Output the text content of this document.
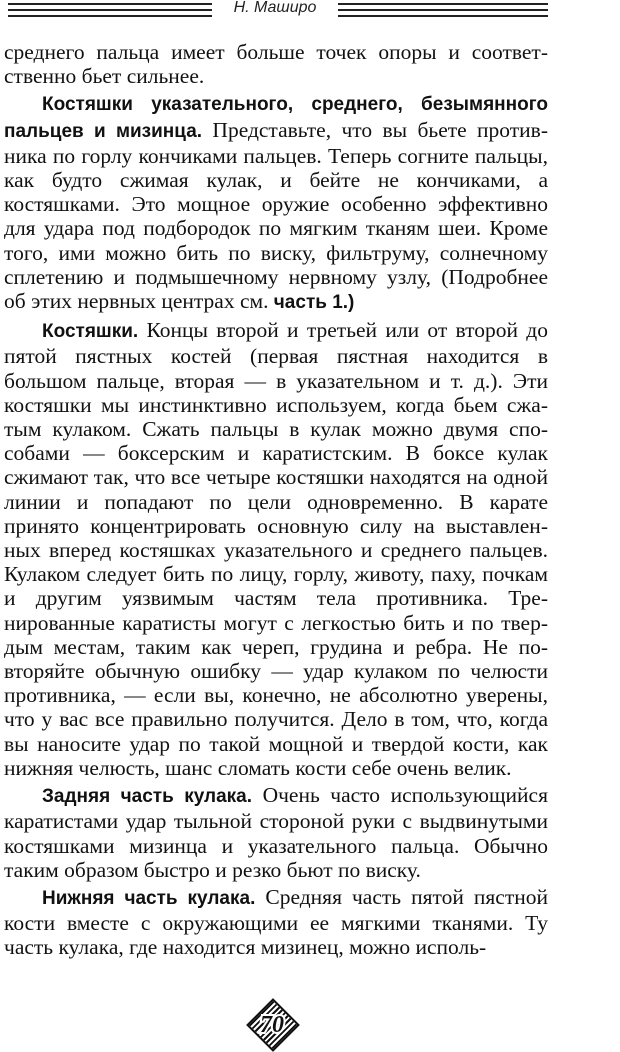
Н. Маширо

среднего пальца имеет больше точек опоры и соответственно бьет сильнее.

Костяшки указательного, среднего, безымянного пальцев и мизинца. Представьте, что вы бьете противника по горлу кончиками пальцев. Теперь согните пальцы, как будто сжимая кулак, и бейте не кончиками, а костяшками. Это мощное оружие особенно эффективно для удара под подбородок по мягким тканям шеи. Кроме того, ими можно бить по виску, фильтруму, солнечному сплетению и подмышечному нервному узлу, (Подробнее об этих нервных центрах см. часть 1.)

Костяшки. Концы второй и третьей или от второй до пятой пястных костей (первая пястная находится в большом пальце, вторая — в указательном и т. д.). Эти костяшки мы инстинктивно используем, когда бьем сжатым кулаком. Сжать пальцы в кулак можно двумя способами — боксерским и каратистским. В боксе кулак сжимают так, что все четыре костяшки находятся на одной линии и попадают по цели одновременно. В карате принято концентрировать основную силу на выставленных вперед костяшках указательного и среднего пальцев. Кулаком следует бить по лицу, горлу, животу, паху, почкам и другим уязвимым частям тела противника. Тренированные каратисты могут с легкостью бить и по твердым местам, таким как череп, грудина и ребра. Не повторяйте обычную ошибку — удар кулаком по челюсти противника, — если вы, конечно, не абсолютно уверены, что у вас все правильно получится. Дело в том, что, когда вы наносите удар по такой мощной и твердой кости, как нижняя челюсть, шанс сломать кости себе очень велик.

Задняя часть кулака. Очень часто использующийся каратистами удар тыльной стороной руки с выдвинутыми костяшками мизинца и указательного пальца. Обычно таким образом быстро и резко бьют по виску.

Нижняя часть кулака. Средняя часть пятой пястной кости вместе с окружающими ее мягкими тканями. Ту часть кулака, где находится мизинец, можно исполь-

70
